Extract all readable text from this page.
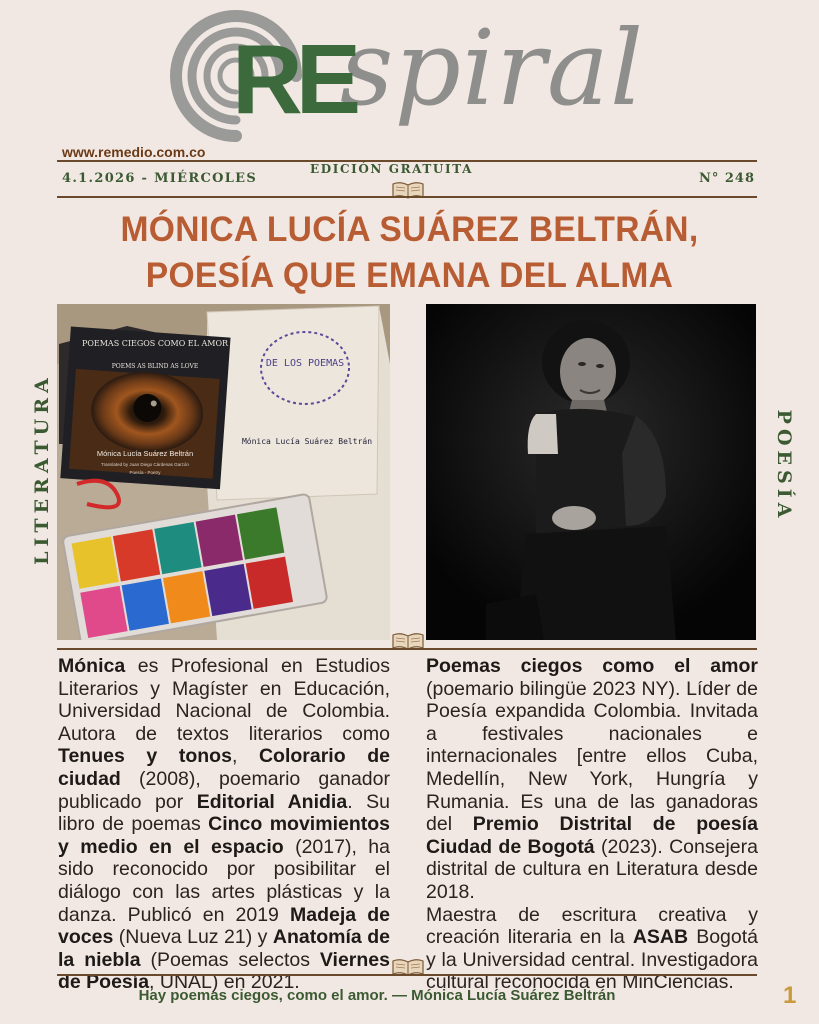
spiral
RE
www.remedio.com.co
4.1.2026 - MIÉRCOLES
EDICIÓN GRATUITA
N° 248
MÓNICA LUCÍA SUÁREZ BELTRÁN, POESÍA QUE EMANA DEL ALMA
LITERATURA	POESÍA
POEMAS CIEGOS COMO EL AMOR
POEMS AS BLIND AS LOVE
Mónica Lucía Suárez Beltrán
Translated by Juan Diego Cárdenas Garzón
Poesía - Poetry
DE LOS POEMAS
Mónica Lucía Suárez Beltrán

Mónica es Profesional en Estudios Literarios y Magíster en Educación, Universidad Nacional de Colombia. Autora de textos literarios como Tenues y tonos, Colorario de ciudad (2008), poemario ganador publicado por Editorial Anidia. Su libro de poemas Cinco movimientos y medio en el espacio (2017), ha sido reconocido por posibilitar el diálogo con las artes plásticas y la danza. Publicó en 2019 Madeja de voces (Nueva Luz 21) y Anatomía de la niebla (Poemas selectos Viernes de Poesía, UNAL) en 2021.

Poemas ciegos como el amor (poemario bilingüe 2023 NY). Líder de Poesía expandida Colombia. Invitada a festivales nacionales e internacionales [entre ellos Cuba, Medellín, New York, Hungría y Rumania. Es una de las ganadoras del Premio Distrital de poesía Ciudad de Bogotá (2023). Consejera distrital de cultura en Literatura desde 2018.

Maestra de escritura creativa y creación literaria en la ASAB Bogotá y la Universidad central. Investigadora cultural reconocida en MinCiencias.

Hay poemas ciegos, como el amor. — Mónica Lucía Suárez Beltrán	1
